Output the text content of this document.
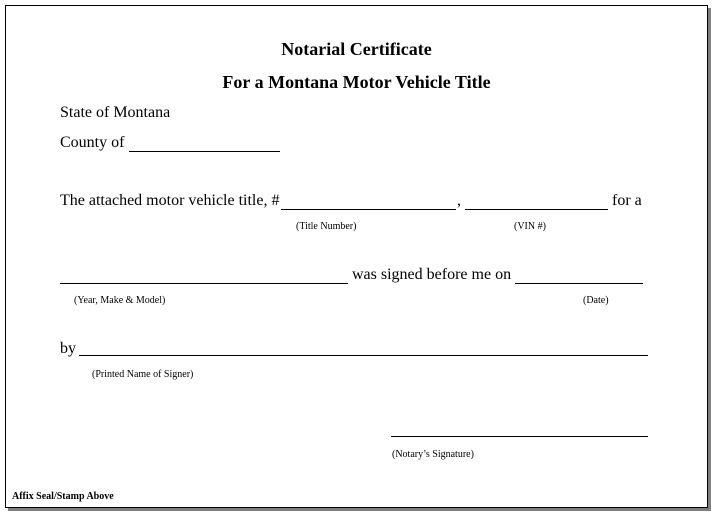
Notarial Certificate
For a Montana Motor Vehicle Title
State of Montana
County of
The attached motor vehicle title, #	,	for a
(Title Number)	(VIN #)
was signed before me on
(Year, Make & Model)	(Date)
by
(Printed Name of Signer)
(Notary’s Signature)
Affix Seal/Stamp Above
